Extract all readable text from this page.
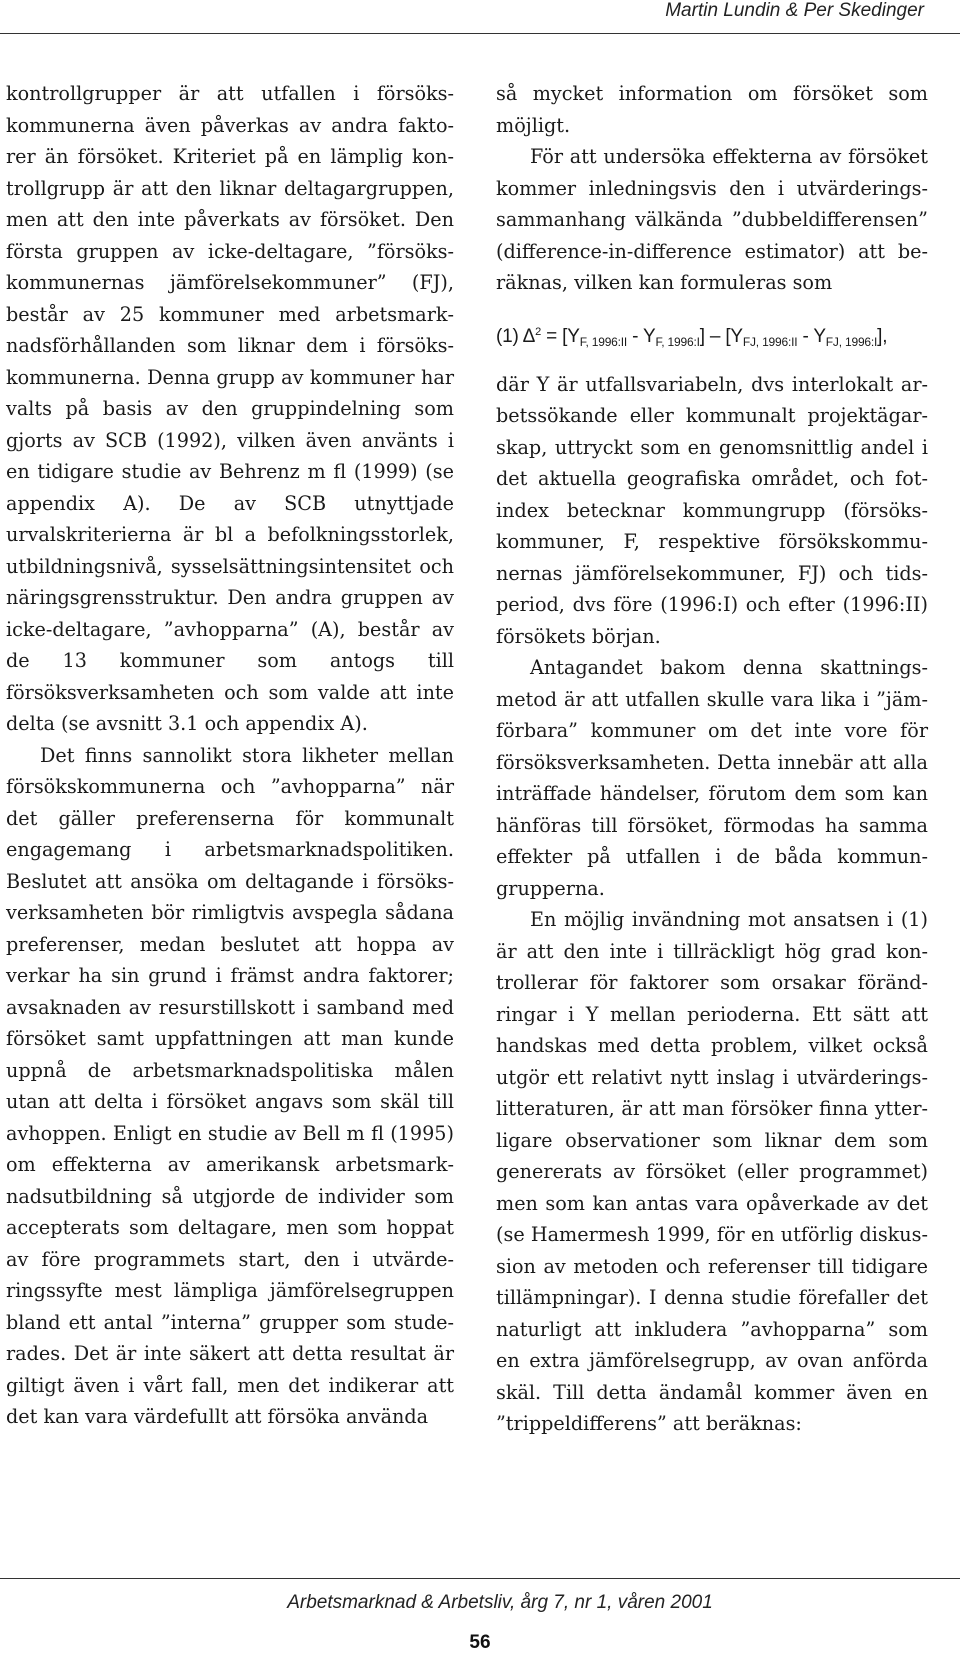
Martin Lundin & Per Skedinger

kontrollgrupper är att utfallen i försökskommunerna även påverkas av andra faktorer än försöket. Kriteriet på en lämplig kontrollgrupp är att den liknar deltagargruppen, men att den inte påverkats av försöket. Den första gruppen av icke-deltagare, ”försökskommunernas jämförelsekommuner” (FJ), består av 25 kommuner med arbetsmarknadsförhållanden som liknar dem i försökskommunerna. Denna grupp av kommuner har valts på basis av den gruppindelning som gjorts av SCB (1992), vilken även använts i en tidigare studie av Behrenz m fl (1999) (se appendix A). De av SCB utnyttjade urvalskriterierna är bl a befolkningsstorlek, utbildningsnivå, sysselsättningsintensitet och näringsgrensstruktur. Den andra gruppen av icke-deltagare, ”avhopparna” (A), består av de 13 kommuner som antogs till försöksverksamheten och som valde att inte delta (se avsnitt 3.1 och appendix A).

Det finns sannolikt stora likheter mellan försökskommunerna och ”avhopparna” när det gäller preferenserna för kommunalt engagemang i arbetsmarknadspolitiken. Beslutet att ansöka om deltagande i försöksverksamheten bör rimligtvis avspegla sådana preferenser, medan beslutet att hoppa av verkar ha sin grund i främst andra faktorer; avsaknaden av resurstillskott i samband med försöket samt uppfattningen att man kunde uppnå de arbetsmarknadspolitiska målen utan att delta i försöket angavs som skäl till avhoppen. Enligt en studie av Bell m fl (1995) om effekterna av amerikansk arbetsmarknadsutbildning så utgjorde de individer som accepterats som deltagare, men som hoppat av före programmets start, den i utvärderingssyfte mest lämpliga jämförelsegruppen bland ett antal ”interna” grupper som studerades. Det är inte säkert att detta resultat är giltigt även i vårt fall, men det indikerar att det kan vara värdefullt att försöka använda

så mycket information om försöket som möjligt.

För att undersöka effekterna av försöket kommer inledningsvis den i utvärderingssammanhang välkända ”dubbeldifferensen” (difference-in-difference estimator) att beräknas, vilken kan formuleras som

(1) $\Delta^2 = [Y_{F, 1996:II} - Y_{F, 1996:I}] - [Y_{FJ, 1996:II} - Y_{FJ, 1996:I}]$,

där Y är utfallsvariabeln, dvs interlokalt arbetssökande eller kommunalt projektägarskap, uttryckt som en genomsnittlig andel i det aktuella geografiska området, och fotindex betecknar kommungrupp (försökskommuner, F, respektive försökskommunernas jämförelsekommuner, FJ) och tidsperiod, dvs före (1996:I) och efter (1996:II) försökets början.

Antagandet bakom denna skattningsmetod är att utfallen skulle vara lika i ”jämförbara” kommuner om det inte vore för försöksverksamheten. Detta innebär att alla inträffade händelser, förutom dem som kan hänföras till försöket, förmodas ha samma effekter på utfallen i de båda kommungrupperna.

En möjlig invändning mot ansatsen i (1) är att den inte i tillräckligt hög grad kontrollerar för faktorer som orsakar förändringar i Y mellan perioderna. Ett sätt att handskas med detta problem, vilket också utgör ett relativt nytt inslag i utvärderingslitteraturen, är att man försöker finna ytterligare observationer som liknar dem som genererats av försöket (eller programmet) men som kan antas vara opåverkade av det (se Hamermesh 1999, för en utförlig diskussion av metoden och referenser till tidigare tillämpningar). I denna studie förefaller det naturligt att inkludera ”avhopparna” som en extra jämförelsegrupp, av ovan anförda skäl. Till detta ändamål kommer även en ”trippeldifferens” att beräknas:

Arbetsmarknad & Arbetsliv, årg 7, nr 1, våren 2001
56
